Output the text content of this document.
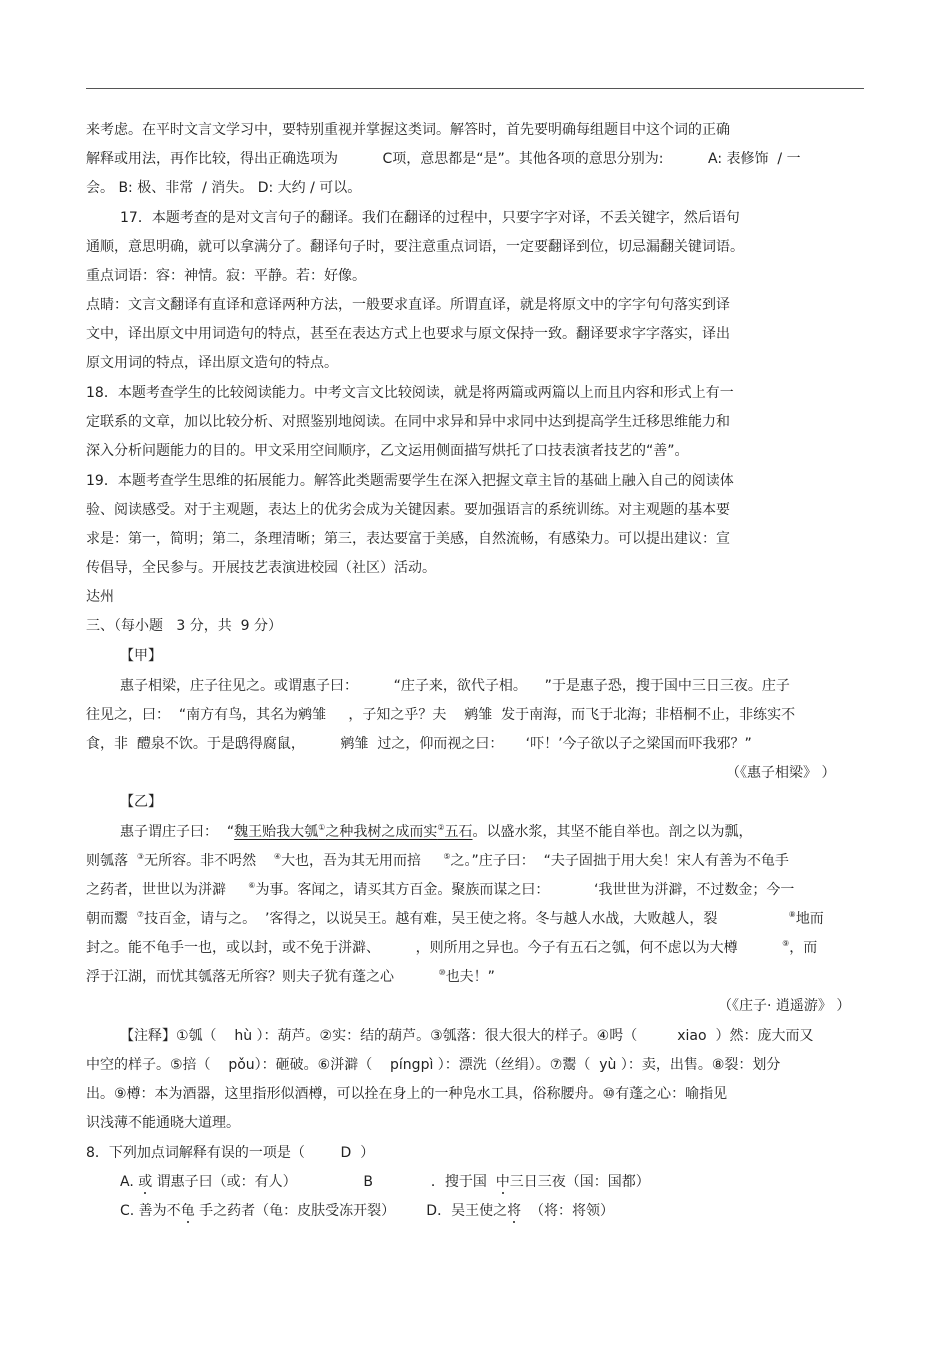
来考虑。在平时文言文学习中，要特别重视并掌握这类词。解答时，首先要明确每组题目中这个词的正确
解释或用法，再作比较，得出正确选项为          C项，意思都是“是”。其他各项的意思分别为:          A: 表修饰  / 一
会。 B: 极、非常  / 消失。 D: 大约 / 可以。
17．本题考查的是对文言句子的翻译。我们在翻译的过程中，只要字字对译，不丢关键字，然后语句
通顺，意思明确，就可以拿满分了。翻译句子时，要注意重点词语，一定要翻译到位，切忌漏翻关键词语。
重点词语：容：神情。寂：平静。若：好像。
点睛：文言文翻译有直译和意译两种方法，一般要求直译。所谓直译，就是将原文中的字字句句落实到译
文中，译出原文中用词造句的特点，甚至在表达方式上也要求与原文保持一致。翻译要求字字落实，译出
原文用词的特点，译出原文造句的特点。
18．本题考查学生的比较阅读能力。中考文言文比较阅读，就是将两篇或两篇以上而且内容和形式上有一
定联系的文章，加以比较分析、对照鉴别地阅读。在同中求异和异中求同中达到提高学生迁移思维能力和
深入分析问题能力的目的。甲文采用空间顺序，乙文运用侧面描写烘托了口技表演者技艺的“善”。
19．本题考查学生思维的拓展能力。解答此类题需要学生在深入把握文章主旨的基础上融入自己的阅读体
验、阅读感受。对于主观题，表达上的优劣会成为关键因素。要加强语言的系统训练。对主观题的基本要
求是：第一，简明；第二，条理清晰；第三，表达要富于美感，自然流畅，有感染力。可以提出建议：宣
传倡导，全民参与。开展技艺表演进校园（社区）活动。
达州
三、（每小题   3 分，共  9 分）
【甲】
惠子相梁，庄子往见之。或谓惠子曰：        “庄子来，欲代子相。    ”于是惠子恐，搜于国中三日三夜。庄子
往见之，曰：  “南方有鸟，其名为鹓雏     ，子知之乎？夫    鹓雏  发于南海，而飞于北海；非梧桐不止，非练实不
食，非  醴泉不饮。于是鸱得腐鼠，        鹓雏  过之，仰而视之曰：     ‘吓！’今子欲以子之梁国而吓我邪？”
（《惠子相梁》 ）
【乙】
惠子谓庄子曰：  “魏王贻我大瓠①之种我树之成而实②五石。以盛水浆，其坚不能自举也。剖之以为瓢，
则瓠落  ③无所容。非不呺然    ④大也，吾为其无用而掊     ⑤之。”庄子曰：  “夫子固拙于用大矣！宋人有善为不龟手
之药者，世世以为洴澼     ⑥为事。客闻之，请买其方百金。聚族而谋之曰：          ‘我世世为洴澼，不过数金；今一
朝而鬻  ⑦技百金，请与之。  ’客得之，以说吴王。越有难，吴王使之将。冬与越人水战，大败越人，裂                ⑧地而
封之。能不龟手一也，或以封，或不免于洴澼、        ，则所用之异也。今子有五石之瓠，何不虑以为大樽          ⑨，而
浮于江湖，而忧其瓠落无所容？则夫子犹有蓬之心          ⑩也夫！”
（《庄子· 逍遥游》 ）
【注释】①瓠（    hù ）：葫芦。②实：结的葫芦。③瓠落：很大很大的样子。④呺（         xiao  ）然：庞大而又
中空的样子。⑤掊（    pǒu）：砸破。⑥洴澼（    píngpì ）：漂洗（丝绢）。⑦鬻（  yù ）：卖，出售。⑧裂：划分
出。⑨樽：本为酒器，这里指形似酒樽，可以拴在身上的一种凫水工具，俗称腰舟。⑩有蓬之心：喻指见
识浅薄不能通晓大道理。
8．下列加点词解释有误的一项是（        D  ）
A. 或 谓惠子曰（或：有人）               B             ．搜于国  中三日三夜（国：国都）
C. 善为不龟 手之药者（龟：皮肤受冻开裂）       D．吴王使之将  （将：将领）
